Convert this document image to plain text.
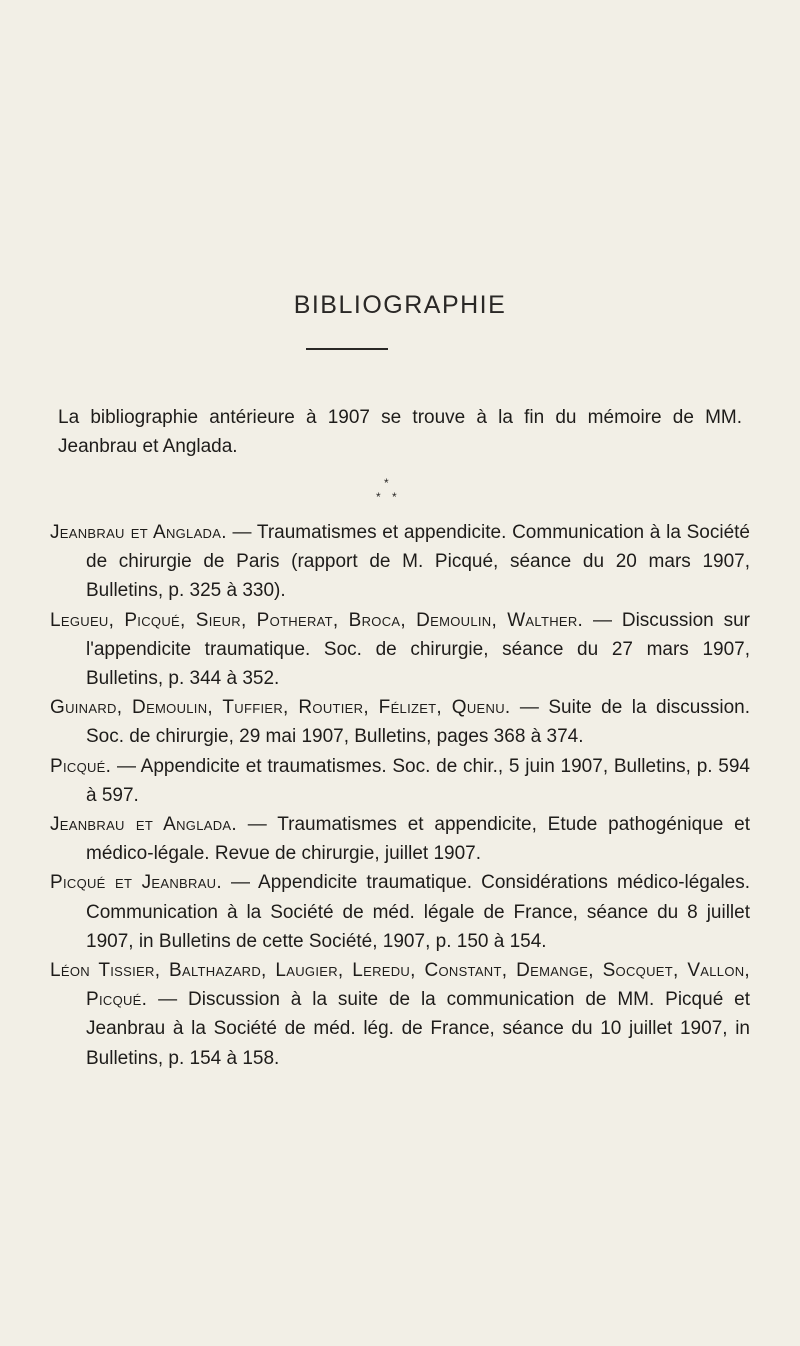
BIBLIOGRAPHIE

La bibliographie antérieure à 1907 se trouve à la fin du mémoire de MM. Jeanbrau et Anglada.

*
* *

Jeanbrau et Anglada. — Traumatismes et appendicite. Communication à la Société de chirurgie de Paris (rapport de M. Picqué, séance du 20 mars 1907, Bulletins, p. 325 à 330).

Legueu, Picqué, Sieur, Potherat, Broca, Demoulin, Walther. — Discussion sur l'appendicite traumatique. Soc. de chirurgie, séance du 27 mars 1907, Bulletins, p. 344 à 352.

Guinard, Demoulin, Tuffier, Routier, Félizet, Quenu. — Suite de la discussion. Soc. de chirurgie, 29 mai 1907, Bulletins, pages 368 à 374.

Picqué. — Appendicite et traumatismes. Soc. de chir., 5 juin 1907, Bulletins, p. 594 à 597.

Jeanbrau et Anglada. — Traumatismes et appendicite, Etude pathogénique et médico-légale. Revue de chirurgie, juillet 1907.

Picqué et Jeanbrau. — Appendicite traumatique. Considérations médico-légales. Communication à la Société de méd. légale de France, séance du 8 juillet 1907, in Bulletins de cette Société, 1907, p. 150 à 154.

Léon Tissier, Balthazard, Laugier, Leredu, Constant, Demange, Socquet, Vallon, Picqué. — Discussion à la suite de la communication de MM. Picqué et Jeanbrau à la Société de méd. lég. de France, séance du 10 juillet 1907, in Bulletins, p. 154 à 158.
